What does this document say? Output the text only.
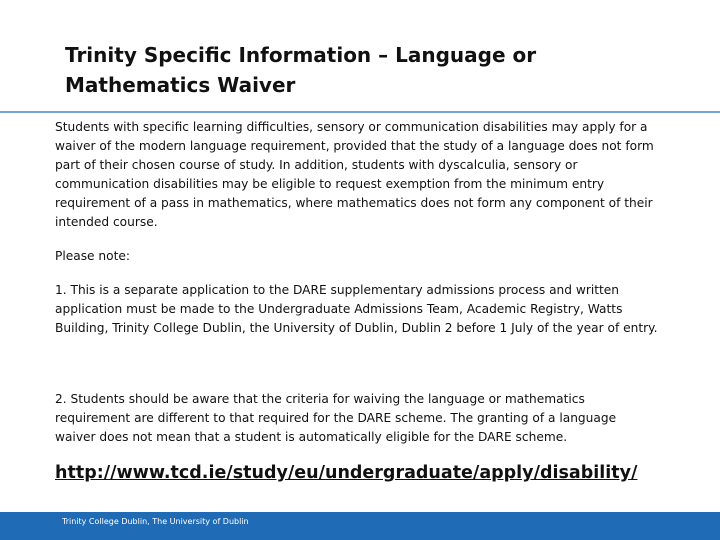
Trinity Specific Information – Language or Mathematics Waiver
Students with specific learning difficulties, sensory or communication disabilities may apply for a waiver of the modern language requirement, provided that the study of a language does not form part of their chosen course of study. In addition, students with dyscalculia, sensory or communication disabilities may be eligible to request exemption from the minimum entry requirement of a pass in mathematics, where mathematics does not form any component of their intended course.
Please note:
1. This is a separate application to the DARE supplementary admissions process and written application must be made to the Undergraduate Admissions Team, Academic Registry, Watts Building, Trinity College Dublin, the University of Dublin, Dublin 2 before 1 July of the year of entry.
2. Students should be aware that the criteria for waiving the language or mathematics requirement are different to that required for the DARE scheme. The granting of a language waiver does not mean that a student is automatically eligible for the DARE scheme.
http://www.tcd.ie/study/eu/undergraduate/apply/disability/
Trinity College Dublin, The University of Dublin
